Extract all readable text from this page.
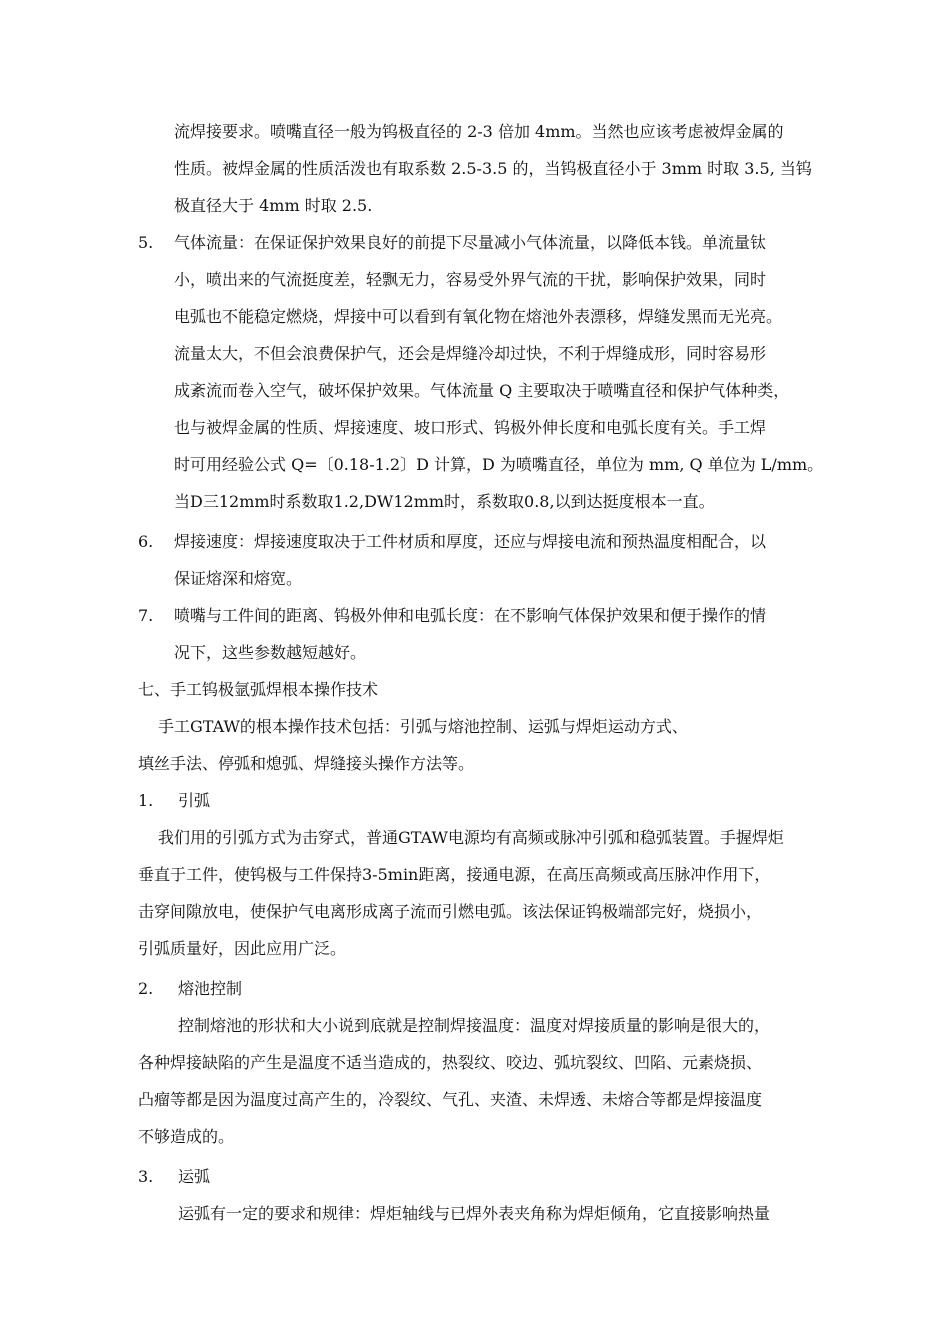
流焊接要求。喷嘴直径一般为钨极直径的 2-3 倍加 4mm。当然也应该考虑被焊金属的
性质。被焊金属的性质活泼也有取系数 2.5-3.5 的，当钨极直径小于 3mm 时取 3.5, 当钨
极直径大于 4mm 时取 2.5.
5. 气体流量：在保证保护效果良好的前提下尽量减小气体流量，以降低本钱。单流量钛
小，喷出来的气流挺度差，轻飘无力，容易受外界气流的干扰，影响保护效果，同时
电弧也不能稳定燃烧，焊接中可以看到有氧化物在熔池外表漂移，焊缝发黑而无光亮。
流量太大，不但会浪费保护气，还会是焊缝冷却过快，不利于焊缝成形，同时容易形
成紊流而卷入空气，破坏保护效果。气体流量 Q 主要取决于喷嘴直径和保护气体种类，
也与被焊金属的性质、焊接速度、坡口形式、钨极外伸长度和电弧长度有关。手工焊
时可用经验公式 Q=〔0.18-1.2〕D 计算，D 为喷嘴直径，单位为 mm, Q 单位为 L/mm。
当D三12mm时系数取1.2,DW12mm时，系数取0.8,以到达挺度根本一直。
6. 焊接速度：焊接速度取决于工件材质和厚度，还应与焊接电流和预热温度相配合，以
保证熔深和熔宽。
7. 喷嘴与工件间的距离、钨极外伸和电弧长度：在不影响气体保护效果和便于操作的情
况下，这些参数越短越好。
七、手工钨极氩弧焊根本操作技术
手工GTAW的根本操作技术包括：引弧与熔池控制、运弧与焊炬运动方式、
填丝手法、停弧和熄弧、焊缝接头操作方法等。
1. 引弧
我们用的引弧方式为击穿式，普通GTAW电源均有高频或脉冲引弧和稳弧装置。手握焊炬
垂直于工件，使钨极与工件保持3-5min距离，接通电源，在高压高频或高压脉冲作用下，
击穿间隙放电，使保护气电离形成离子流而引燃电弧。该法保证钨极端部完好，烧损小，
引弧质量好，因此应用广泛。
2. 熔池控制
控制熔池的形状和大小说到底就是控制焊接温度：温度对焊接质量的影响是很大的，
各种焊接缺陷的产生是温度不适当造成的，热裂纹、咬边、弧坑裂纹、凹陷、元素烧损、
凸瘤等都是因为温度过高产生的，冷裂纹、气孔、夹渣、未焊透、未熔合等都是焊接温度
不够造成的。
3. 运弧
运弧有一定的要求和规律：焊炬轴线与已焊外表夹角称为焊炬倾角，它直接影响热量
